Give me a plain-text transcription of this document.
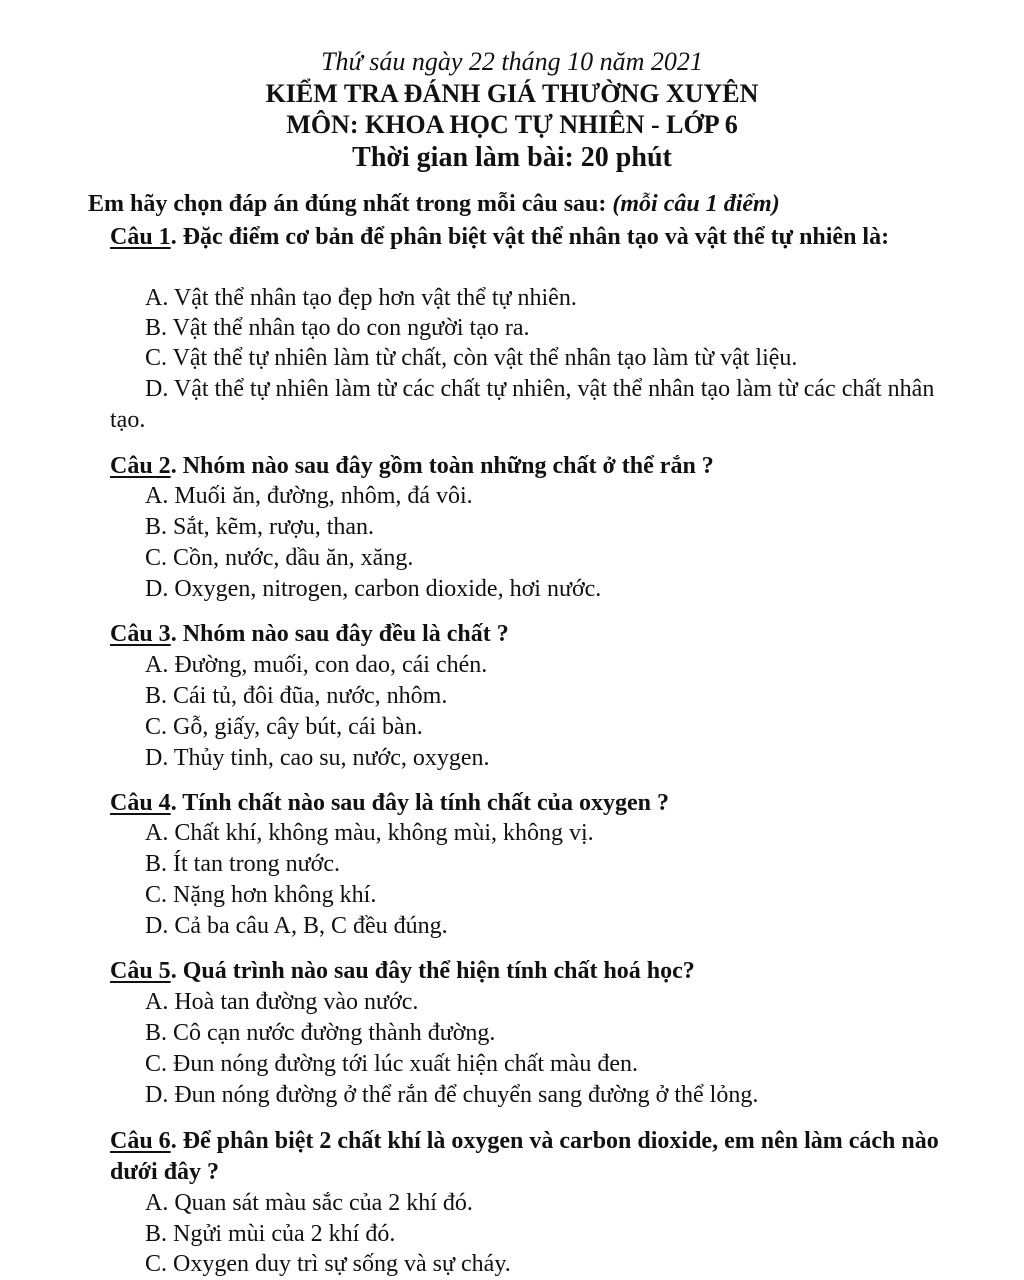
Thứ sáu ngày 22 tháng 10 năm 2021
KIỂM TRA ĐÁNH GIÁ THƯỜNG XUYÊN
MÔN: KHOA HỌC TỰ NHIÊN - LỚP 6
Thời gian làm bài: 20 phút
Em hãy chọn đáp án đúng nhất trong mỗi câu sau: (mỗi câu 1 điểm)
Câu 1. Đặc điểm cơ bản để phân biệt vật thể nhân tạo và vật thể tự nhiên là:
A. Vật thể nhân tạo đẹp hơn vật thể tự nhiên.
B. Vật thể nhân tạo do con người tạo ra.
C. Vật thể tự nhiên làm từ chất, còn vật thể nhân tạo làm từ vật liệu.
D. Vật thể tự nhiên làm từ các chất tự nhiên, vật thể nhân tạo làm từ các chất nhân tạo.
Câu 2. Nhóm nào sau đây gồm toàn những chất ở thể rắn ?
A. Muối ăn, đường, nhôm, đá vôi.
B. Sắt, kẽm, rượu, than.
C. Cồn, nước, dầu ăn, xăng.
D. Oxygen, nitrogen, carbon dioxide, hơi nước.
Câu 3. Nhóm nào sau đây đều là chất ?
A. Đường, muối, con dao, cái chén.
B. Cái tủ, đôi đũa, nước, nhôm.
C. Gỗ, giấy, cây bút, cái bàn.
D. Thủy tinh, cao su, nước, oxygen.
Câu 4. Tính chất nào sau đây là tính chất của oxygen ?
A. Chất khí, không màu, không mùi, không vị.
B. Ít tan trong nước.
C. Nặng hơn không khí.
D. Cả ba câu A, B, C đều đúng.
Câu 5. Quá trình nào sau đây thể hiện tính chất hoá học?
A. Hoà tan đường vào nước.
B. Cô cạn nước đường thành đường.
C. Đun nóng đường tới lúc xuất hiện chất màu đen.
D. Đun nóng đường ở thể rắn để chuyển sang đường ở thể lỏng.
Câu 6. Để phân biệt 2 chất khí là oxygen và carbon dioxide, em nên làm cách nào dưới đây ?
A. Quan sát màu sắc của 2 khí đó.
B. Ngửi mùi của 2 khí đó.
C. Oxygen duy trì sự sống và sự cháy.
